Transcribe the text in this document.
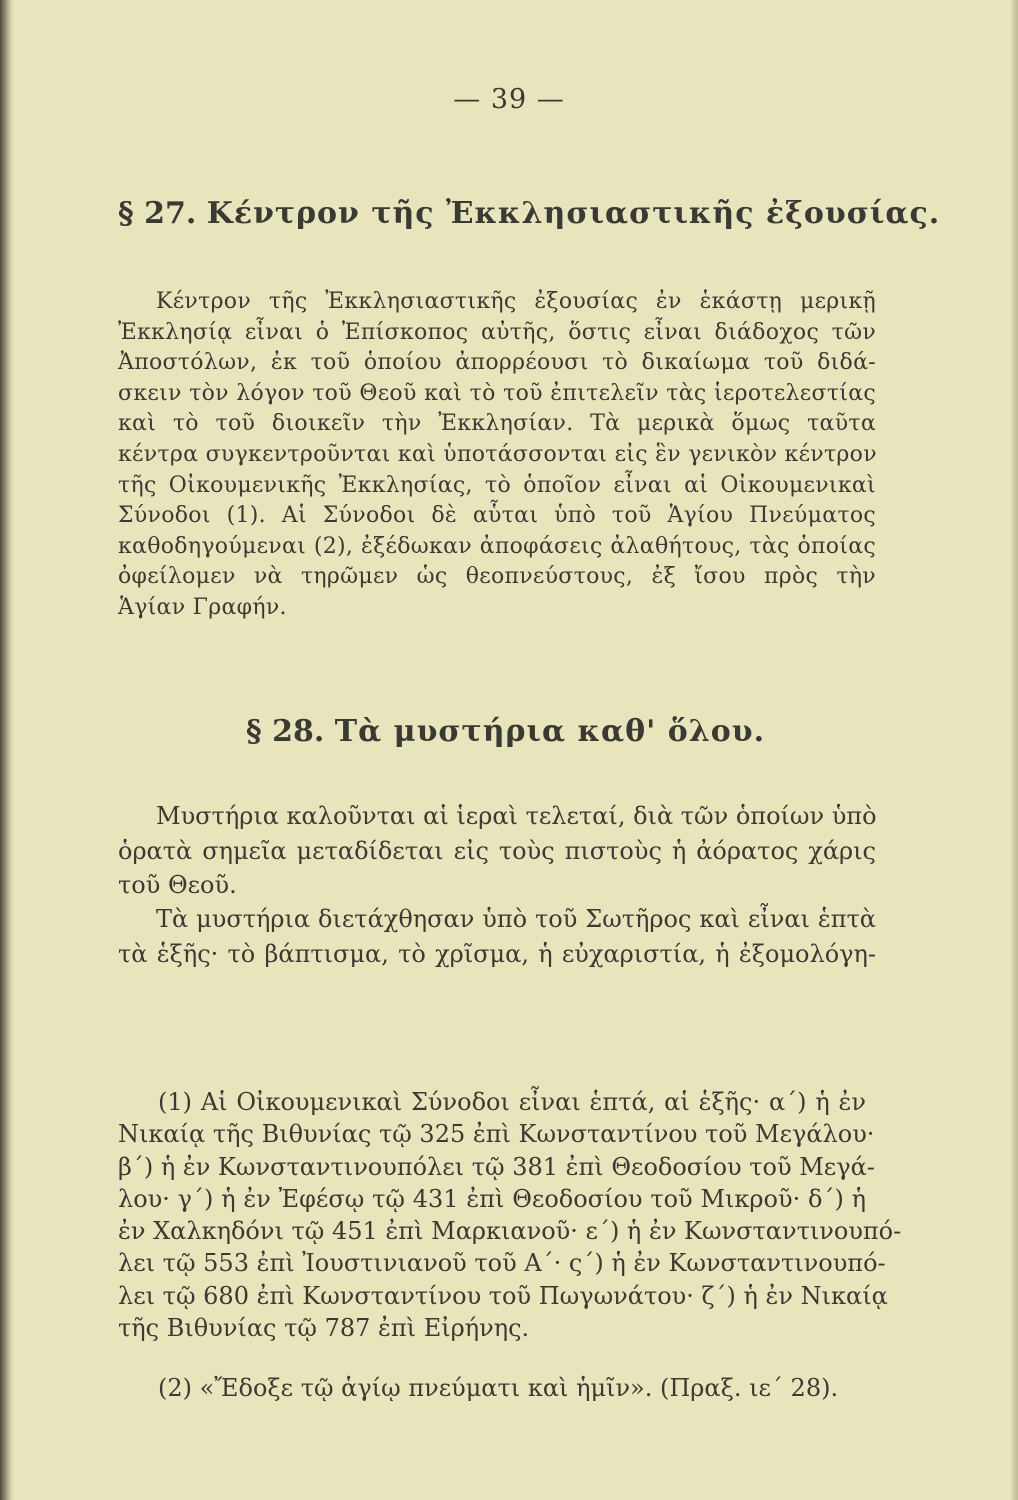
— 39 —
§ 27. Κέντρον τῆς Ἐκκλησιαστικῆς ἐξουσίας.
Κέντρον τῆς Ἐκκλησιαστικῆς ἐξουσίας ἐν ἑκάστῃ μερικῇ
Ἐκκλησίᾳ εἶναι ὁ Ἐπίσκοπος αὐτῆς, ὅστις εἶναι διάδοχος τῶν
Ἀποστόλων, ἐκ τοῦ ὁποίου ἀπορρέουσι τὸ δικαίωμα τοῦ διδά-
σκειν τὸν λόγον τοῦ Θεοῦ καὶ τὸ τοῦ ἐπιτελεῖν τὰς ἱεροτελεστίας
καὶ τὸ τοῦ διοικεῖν τὴν Ἐκκλησίαν. Τὰ μερικὰ ὅμως ταῦτα
κέντρα συγκεντροῦνται καὶ ὑποτάσσονται εἰς ἓν γενικὸν κέντρον
τῆς Οἰκουμενικῆς Ἐκκλησίας, τὸ ὁποῖον εἶναι αἱ Οἰκουμενικαὶ
Σύνοδοι (1). Αἱ Σύνοδοι δὲ αὗται ὑπὸ τοῦ Ἁγίου Πνεύματος
καθοδηγούμεναι (2), ἐξέδωκαν ἀποφάσεις ἀλαθήτους, τὰς ὁποίας
ὀφείλομεν νὰ τηρῶμεν ὡς θεοπνεύστους, ἐξ ἴσου πρὸς τὴν
Ἁγίαν Γραφήν.
§ 28. Τὰ μυστήρια καθ' ὅλου.
Μυστήρια καλοῦνται αἱ ἱεραὶ τελεταί, διὰ τῶν ὁποίων ὑπὸ
ὁρατὰ σημεῖα μεταδίδεται εἰς τοὺς πιστοὺς ἡ ἀόρατος χάρις
τοῦ Θεοῦ.
Τὰ μυστήρια διετάχθησαν ὑπὸ τοῦ Σωτῆρος καὶ εἶναι ἑπτὰ
τὰ ἑξῆς· τὸ βάπτισμα, τὸ χρῖσμα, ἡ εὐχαριστία, ἡ ἐξομολόγη-
(1) Αἱ Οἰκουμενικαὶ Σύνοδοι εἶναι ἑπτά, αἱ ἑξῆς· α΄) ἡ ἐν
Νικαίᾳ τῆς Βιθυνίας τῷ 325 ἐπὶ Κωνσταντίνου τοῦ Μεγάλου·
β΄) ἡ ἐν Κωνσταντινουπόλει τῷ 381 ἐπὶ Θεοδοσίου τοῦ Μεγά-
λου· γ΄) ἡ ἐν Ἐφέσῳ τῷ 431 ἐπὶ Θεοδοσίου τοῦ Μικροῦ· δ΄) ἡ
ἐν Χαλκηδόνι τῷ 451 ἐπὶ Μαρκιανοῦ· ε΄) ἡ ἐν Κωνσταντινουπό-
λει τῷ 553 ἐπὶ Ἰουστινιανοῦ τοῦ Α΄· ς΄) ἡ ἐν Κωνσταντινουπό-
λει τῷ 680 ἐπὶ Κωνσταντίνου τοῦ Πωγωνάτου· ζ΄) ἡ ἐν Νικαίᾳ
τῆς Βιθυνίας τῷ 787 ἐπὶ Εἰρήνης.
(2) «Ἔδοξε τῷ ἁγίῳ πνεύματι καὶ ἡμῖν». (Πραξ. ιε΄ 28).
